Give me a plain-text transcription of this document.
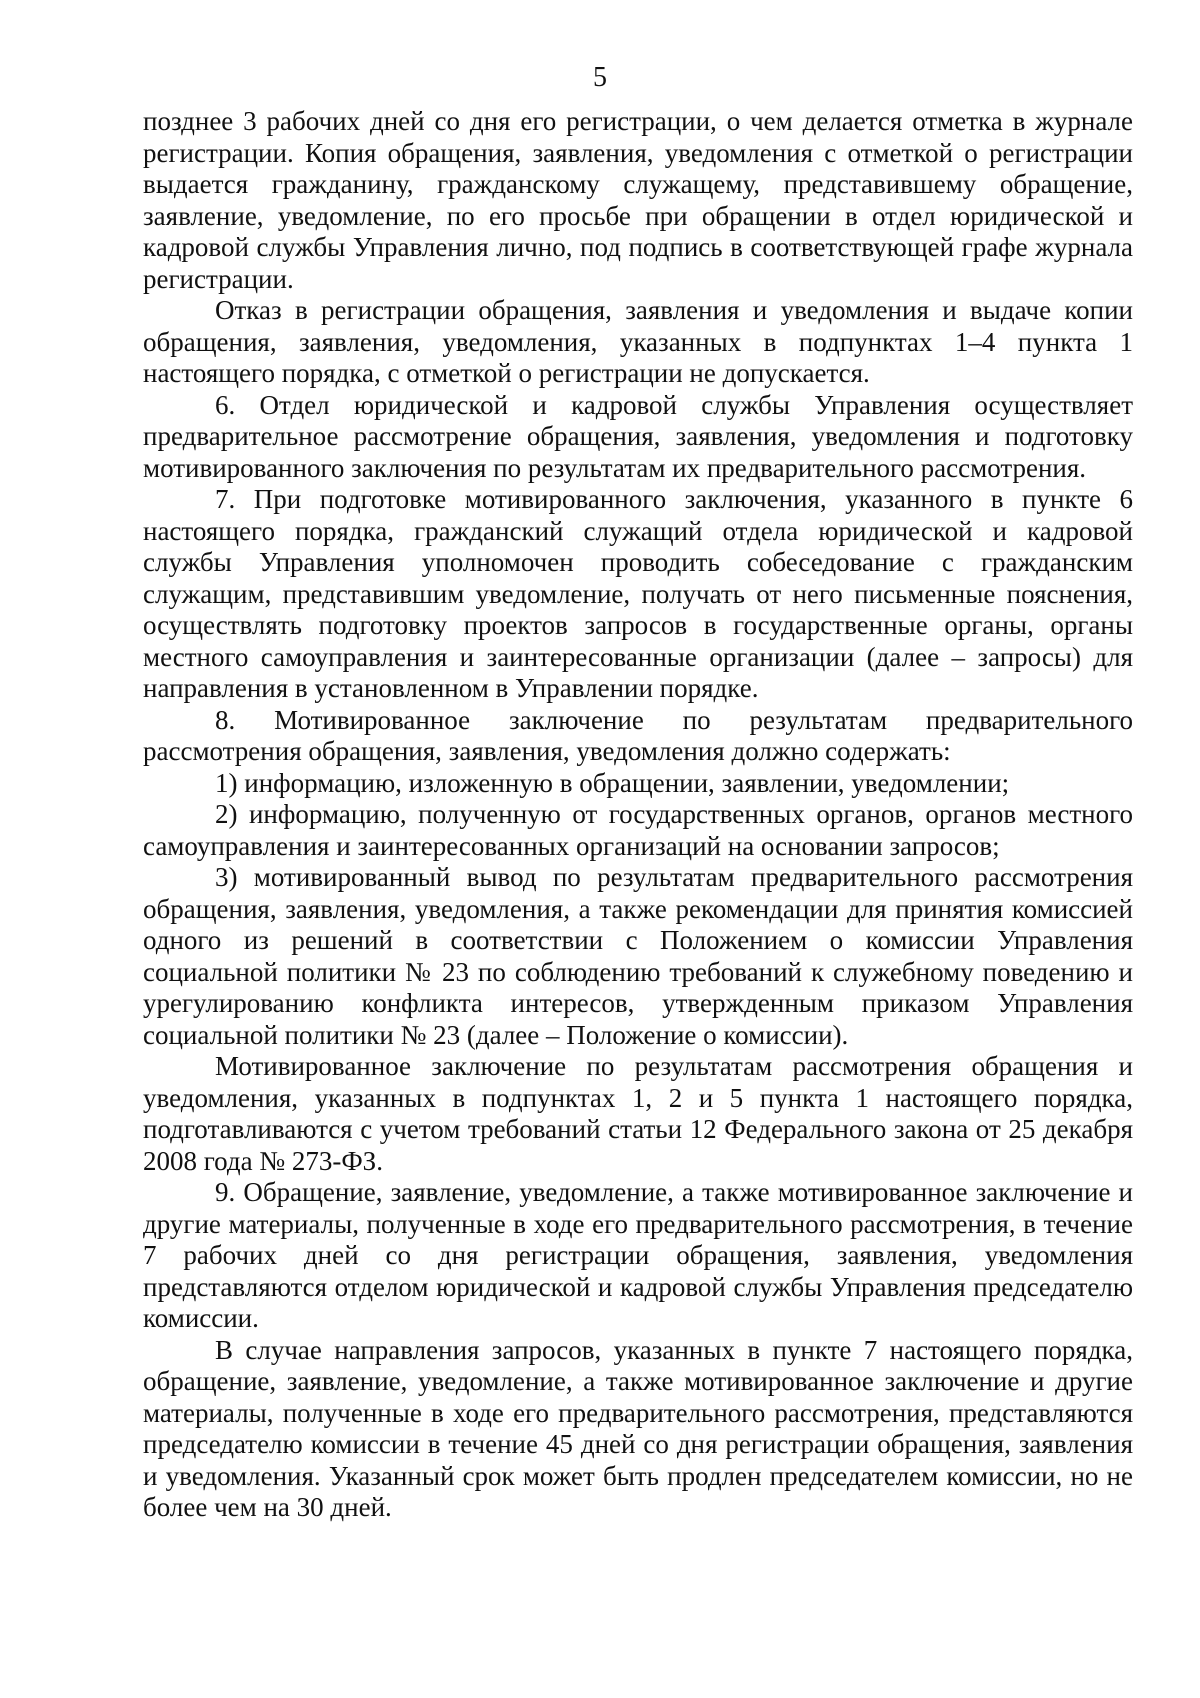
5

позднее 3 рабочих дней со дня его регистрации, о чем делается отметка в журнале регистрации. Копия обращения, заявления, уведомления с отметкой о регистрации выдается гражданину, гражданскому служащему, представившему обращение, заявление, уведомление, по его просьбе при обращении в отдел юридической и кадровой службы Управления лично, под подпись в соответствующей графе журнала регистрации.

Отказ в регистрации обращения, заявления и уведомления и выдаче копии обращения, заявления, уведомления, указанных в подпунктах 1–4 пункта 1 настоящего порядка, с отметкой о регистрации не допускается.

6. Отдел юридической и кадровой службы Управления осуществляет предварительное рассмотрение обращения, заявления, уведомления и подготовку мотивированного заключения по результатам их предварительного рассмотрения.

7. При подготовке мотивированного заключения, указанного в пункте 6 настоящего порядка, гражданский служащий отдела юридической и кадровой службы Управления уполномочен проводить собеседование с гражданским служащим, представившим уведомление, получать от него письменные пояснения, осуществлять подготовку проектов запросов в государственные органы, органы местного самоуправления и заинтересованные организации (далее – запросы) для направления в установленном в Управлении порядке.

8. Мотивированное заключение по результатам предварительного рассмотрения обращения, заявления, уведомления должно содержать:

1) информацию, изложенную в обращении, заявлении, уведомлении;

2) информацию, полученную от государственных органов, органов местного самоуправления и заинтересованных организаций на основании запросов;

3) мотивированный вывод по результатам предварительного рассмотрения обращения, заявления, уведомления, а также рекомендации для принятия комиссией одного из решений в соответствии с Положением о комиссии Управления социальной политики № 23 по соблюдению требований к служебному поведению и урегулированию конфликта интересов, утвержденным приказом Управления социальной политики № 23 (далее – Положение о комиссии).

Мотивированное заключение по результатам рассмотрения обращения и уведомления, указанных в подпунктах 1, 2 и 5 пункта 1 настоящего порядка, подготавливаются с учетом требований статьи 12 Федерального закона от 25 декабря 2008 года № 273-ФЗ.

9. Обращение, заявление, уведомление, а также мотивированное заключение и другие материалы, полученные в ходе его предварительного рассмотрения, в течение 7 рабочих дней со дня регистрации обращения, заявления, уведомления представляются отделом юридической и кадровой службы Управления председателю комиссии.

В случае направления запросов, указанных в пункте 7 настоящего порядка, обращение, заявление, уведомление, а также мотивированное заключение и другие материалы, полученные в ходе его предварительного рассмотрения, представляются председателю комиссии в течение 45 дней со дня регистрации обращения, заявления и уведомления. Указанный срок может быть продлен председателем комиссии, но не более чем на 30 дней.
